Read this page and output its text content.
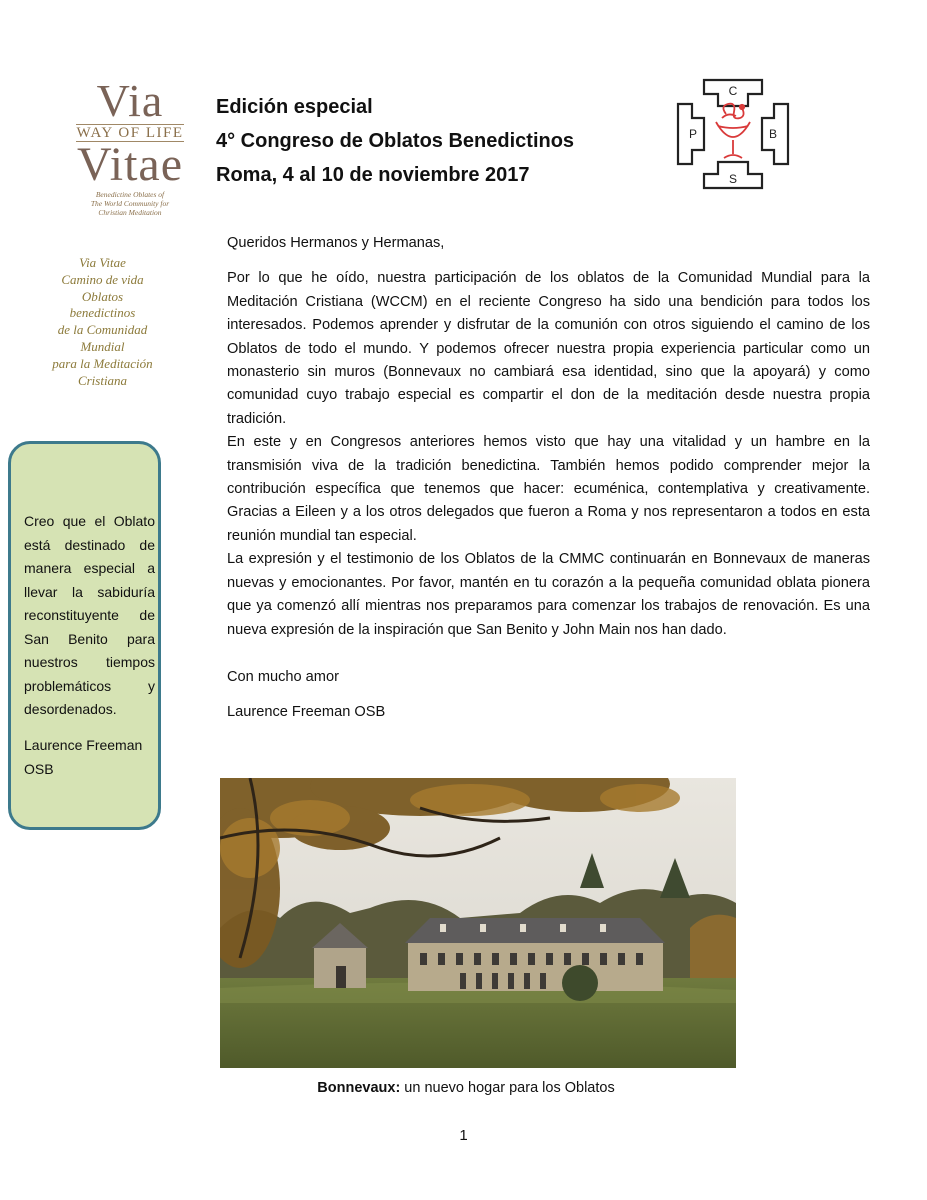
Via
WAY OF LIFE
Vitae
Benedictine Oblates of
The World Community for
Christian Meditation
Via Vitae
Camino de vida
Oblatos
benedictinos
de la Comunidad
Mundial
para la Meditación
Cristiana
Creo que el Oblato está destinado de manera especial a llevar la sabiduría reconstituyente de San Benito para nuestros tiempos problemáticos y desordenados.
Laurence Freeman OSB
Edición especial
4° Congreso de Oblatos Benedictinos
Roma, 4 al 10 de noviembre 2017
C
P	B
S

Queridos Hermanos y Hermanas,

Por lo que he oído, nuestra participación de los oblatos de la Comunidad Mundial para la Meditación Cristiana (WCCM) en el reciente Congreso ha sido una bendición para todos los interesados. Podemos aprender y disfrutar de la comunión con otros siguiendo el camino de los Oblatos de todo el mundo. Y podemos ofrecer nuestra propia experiencia particular como un monasterio sin muros (Bonnevaux no cambiará esa identidad, sino que la apoyará) y como comunidad cuyo trabajo especial es compartir el don de la meditación desde nuestra propia tradición.

En este y en Congresos anteriores hemos visto que hay una vitalidad y un hambre en la transmisión viva de la tradición benedictina. También hemos podido comprender mejor la contribución específica que tenemos que hacer: ecuménica, contemplativa y creativamente. Gracias a Eileen y a los otros delegados que fueron a Roma y nos representaron a todos en esta reunión mundial tan especial.

La expresión y el testimonio de los Oblatos de la CMMC continuarán en Bonnevaux de maneras nuevas y emocionantes. Por favor, mantén en tu corazón a la pequeña comunidad oblata pionera que ya comenzó allí mientras nos preparamos para comenzar los trabajos de renovación. Es una nueva expresión de la inspiración que San Benito y John Main nos han dado.

Con mucho amor

Laurence Freeman OSB

Bonnevaux: un nuevo hogar para los Oblatos
1
